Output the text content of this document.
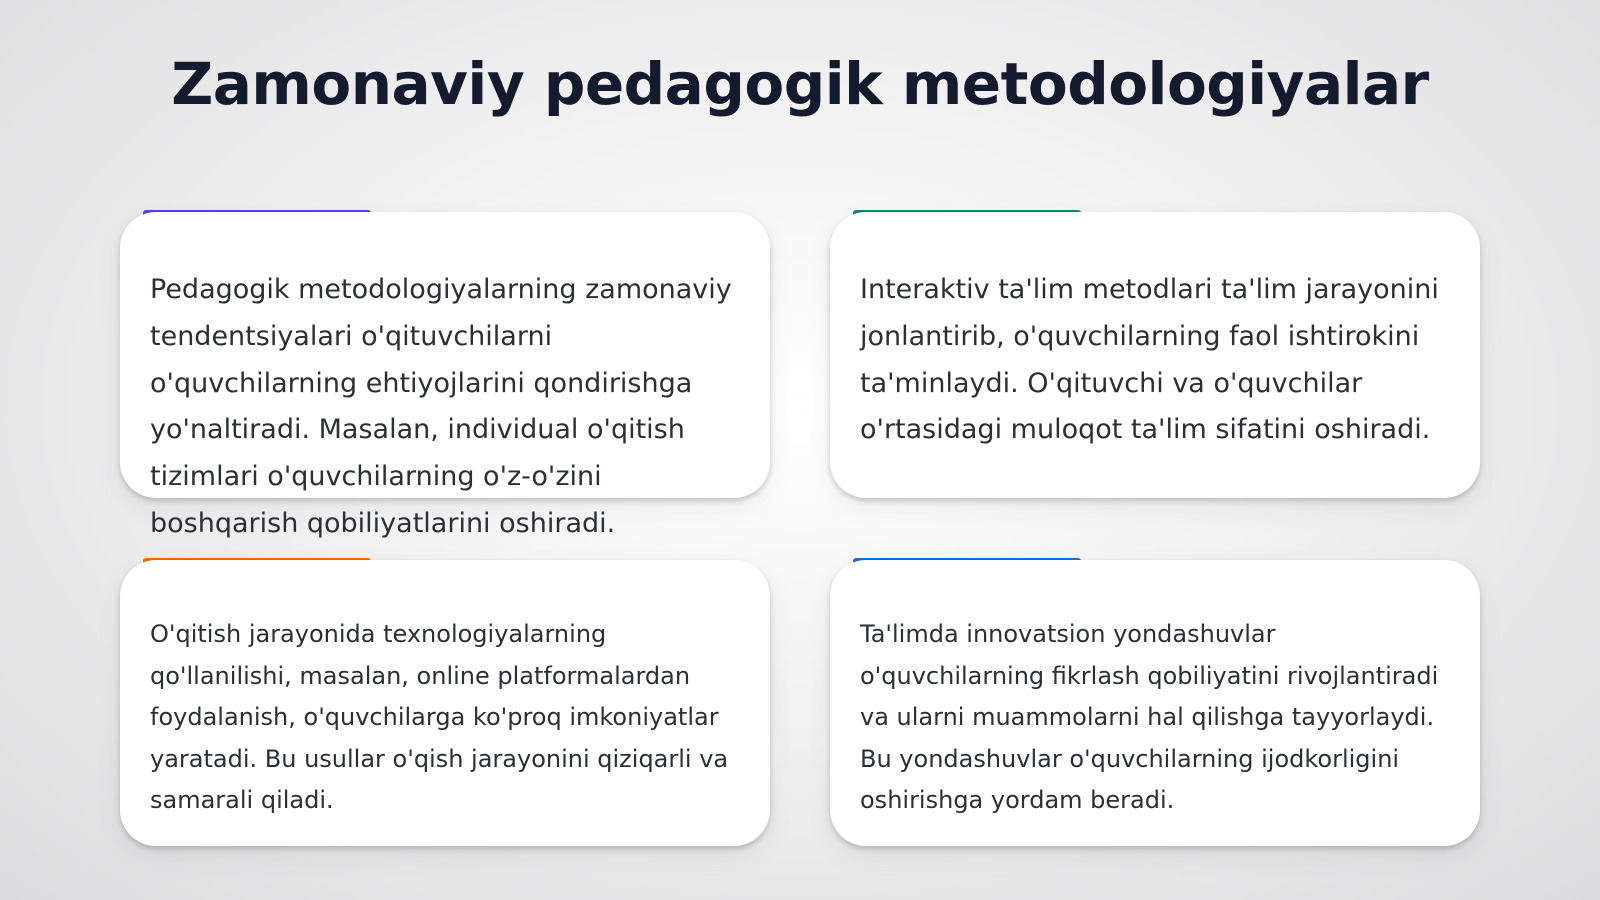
Zamonaviy pedagogik metodologiyalar

Pedagogik metodologiyalarning zamonaviy tendentsiyalari o'qituvchilarni o'quvchilarning ehtiyojlarini qondirishga yo'naltiradi. Masalan, individual o'qitish tizimlari o'quvchilarning o'z-o'zini boshqarish qobiliyatlarini oshiradi.

Interaktiv ta'lim metodlari ta'lim jarayonini jonlantirib, o'quvchilarning faol ishtirokini ta'minlaydi. O'qituvchi va o'quvchilar o'rtasidagi muloqot ta'lim sifatini oshiradi.

O'qitish jarayonida texnologiyalarning qo'llanilishi, masalan, online platformalardan foydalanish, o'quvchilarga ko'proq imkoniyatlar yaratadi. Bu usullar o'qish jarayonini qiziqarli va samarali qiladi.

Ta'limda innovatsion yondashuvlar o'quvchilarning fikrlash qobiliyatini rivojlantiradi va ularni muammolarni hal qilishga tayyorlaydi. Bu yondashuvlar o'quvchilarning ijodkorligini oshirishga yordam beradi.
